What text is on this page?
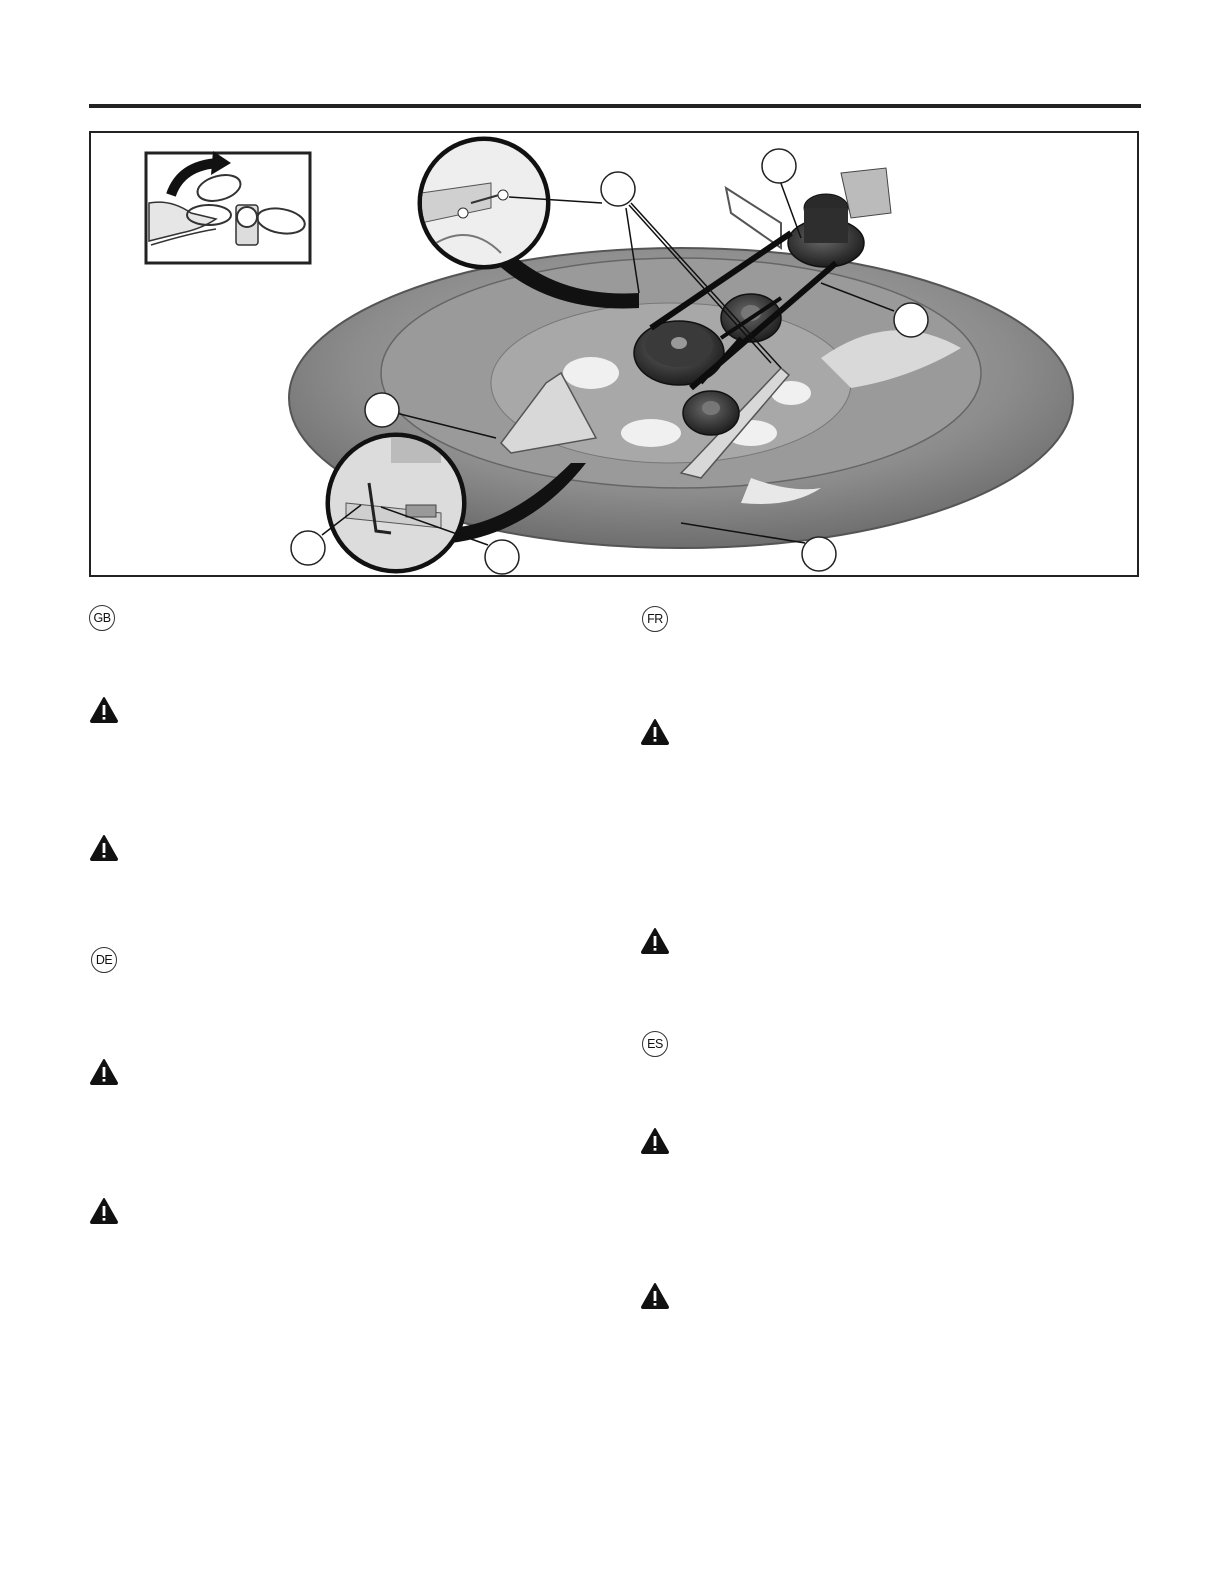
GB
DE
FR
ES
